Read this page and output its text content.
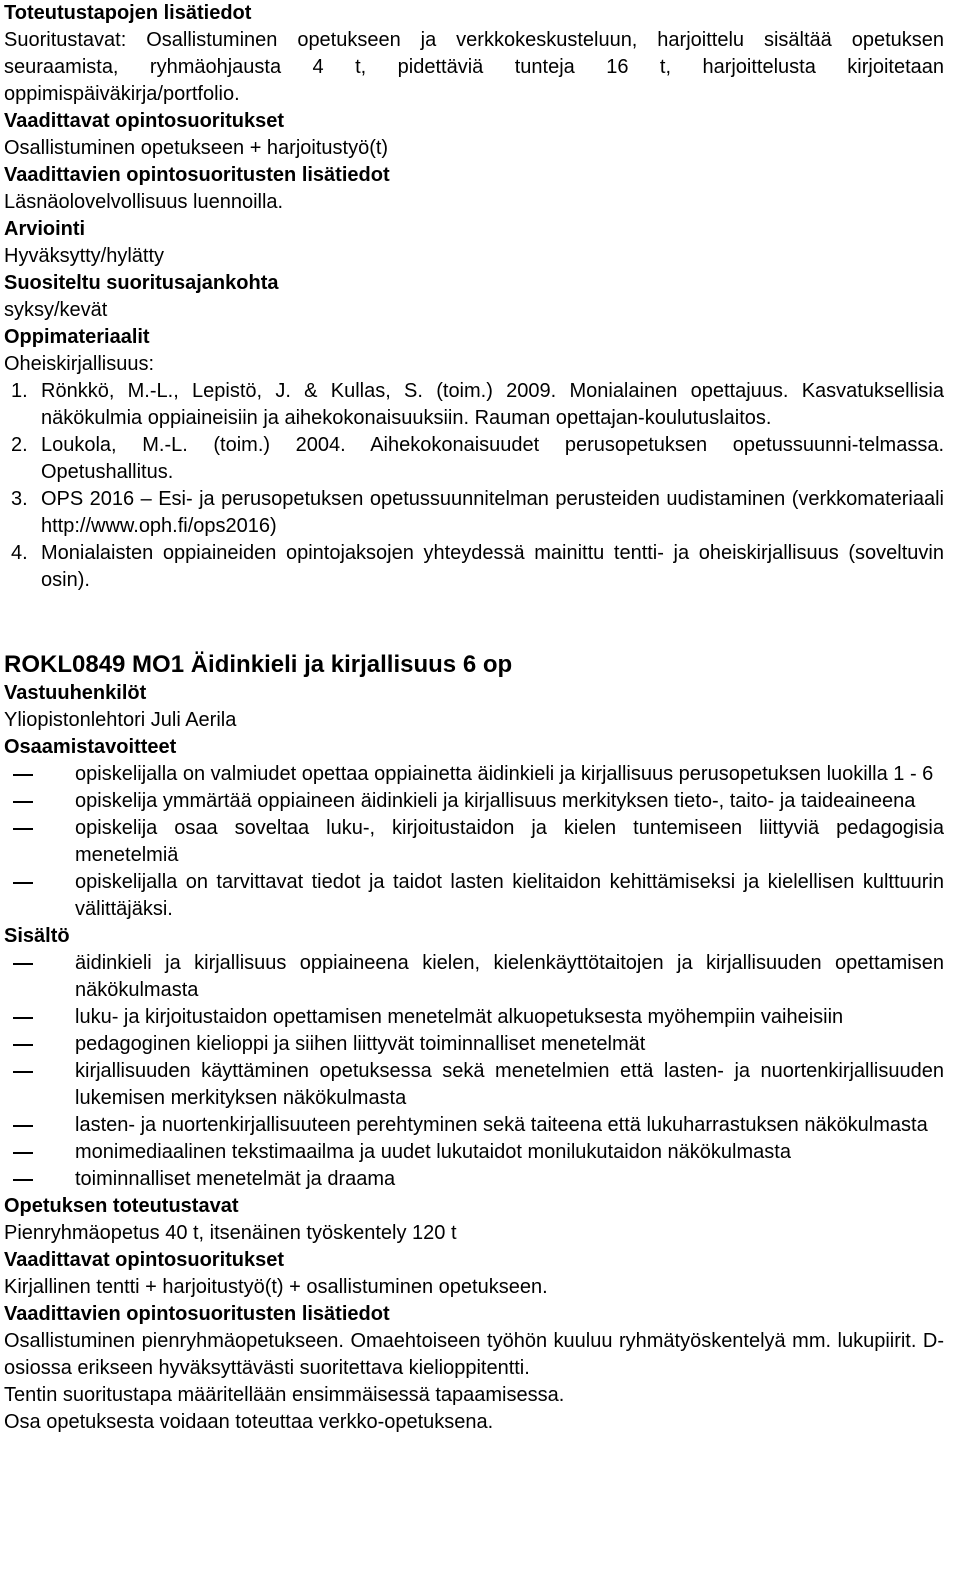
Toteutustapojen lisätiedot
Suoritustavat: Osallistuminen opetukseen ja verkkokeskusteluun, harjoittelu sisältää opetuksen seuraamista, ryhmäohjausta 4 t, pidettäviä tunteja 16 t, harjoittelusta kirjoitetaan oppimispäiväkirja/portfolio.
Vaadittavat opintosuoritukset
Osallistuminen opetukseen + harjoitustyö(t)
Vaadittavien opintosuoritusten lisätiedot
Läsnäolovelvollisuus luennoilla.
Arviointi
Hyväksytty/hylätty
Suositeltu suoritusajankohta
syksy/kevät
Oppimateriaalit
Oheiskirjallisuus:
1. Rönkkö, M.-L., Lepistö, J. & Kullas, S. (toim.) 2009. Monialainen opettajuus. Kasvatuksellisia näkökulmia oppiaineisiin ja aihekokonaisuuksiin. Rauman opettajan-koulutuslaitos.
2. Loukola, M.-L. (toim.) 2004. Aihekokonaisuudet perusopetuksen opetussuunni-telmassa. Opetushallitus.
3. OPS 2016 – Esi- ja perusopetuksen opetussuunnitelman perusteiden uudistaminen (verkkomateriaali http://www.oph.fi/ops2016)
4. Monialaisten oppiaineiden opintojaksojen yhteydessä mainittu tentti- ja oheiskirjallisuus (soveltuvin osin).
ROKL0849 MO1 Äidinkieli ja kirjallisuus 6 op
Vastuuhenkilöt
Yliopistonlehtori Juli Aerila
Osaamistavoitteet
opiskelijalla on valmiudet opettaa oppiainetta äidinkieli ja kirjallisuus perusopetuksen luokilla 1 - 6
opiskelija ymmärtää oppiaineen äidinkieli ja kirjallisuus merkityksen tieto-, taito- ja taideaineena
opiskelija osaa soveltaa luku-, kirjoitustaidon ja kielen tuntemiseen liittyviä pedagogisia menetelmiä
opiskelijalla on tarvittavat tiedot ja taidot lasten kielitaidon kehittämiseksi ja kielellisen kulttuurin välittäjäksi.
Sisältö
äidinkieli ja kirjallisuus oppiaineena kielen, kielenkäyttötaitojen ja kirjallisuuden opettamisen näkökulmasta
luku- ja kirjoitustaidon opettamisen menetelmät alkuopetuksesta myöhempiin vaiheisiin
pedagoginen kielioppi ja siihen liittyvät toiminnalliset menetelmät
kirjallisuuden käyttäminen opetuksessa sekä menetelmien että lasten- ja nuortenkirjallisuuden lukemisen merkityksen näkökulmasta
lasten- ja nuortenkirjallisuuteen perehtyminen sekä taiteena että lukuharrastuksen näkökulmasta
monimediaalinen tekstimaailma ja uudet lukutaidot monilukutaidon näkökulmasta
toiminnalliset menetelmät ja draama
Opetuksen toteutustavat
Pienryhmäopetus 40 t, itsenäinen työskentely 120 t
Vaadittavat opintosuoritukset
Kirjallinen tentti + harjoitustyö(t) + osallistuminen opetukseen.
Vaadittavien opintosuoritusten lisätiedot
Osallistuminen pienryhmäopetukseen. Omaehtoiseen työhön kuuluu ryhmätyöskentelyä mm. lukupiirit. D-osiossa erikseen hyväksyttävästi suoritettava kielioppitentti.
Tentin suoritustapa määritellään ensimmäisessä tapaamisessa.
Osa opetuksesta voidaan toteuttaa verkko-opetuksena.
